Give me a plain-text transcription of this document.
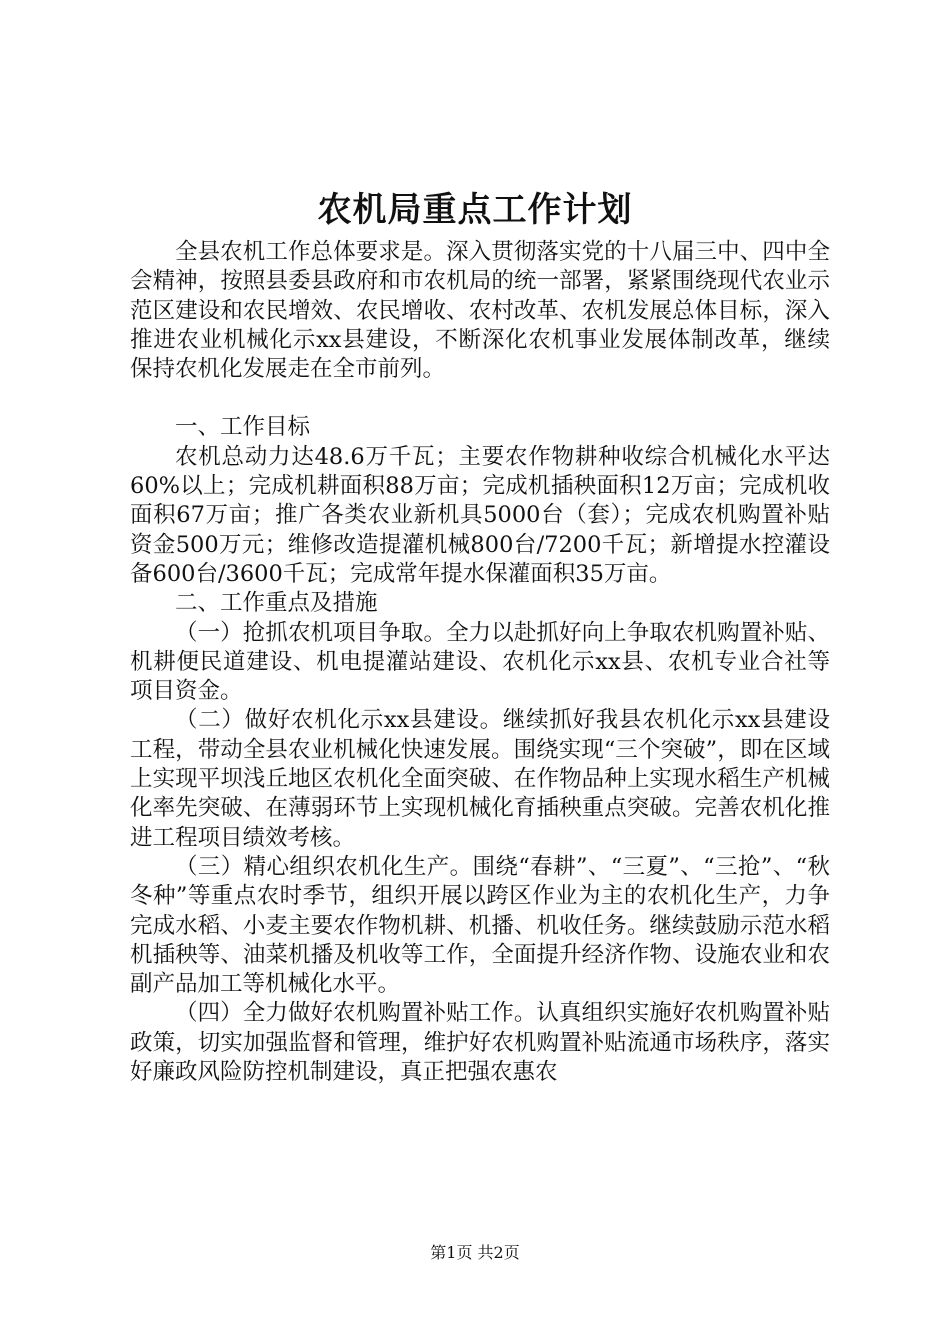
农机局重点工作计划

全县农机工作总体要求是。深入贯彻落实党的十八届三中、四中全会精神，按照县委县政府和市农机局的统一部署，紧紧围绕现代农业示范区建设和农民增效、农民增收、农村改革、农机发展总体目标，深入推进农业机械化示xx县建设，不断深化农机事业发展体制改革，继续保持农机化发展走在全市前列。

一、工作目标

农机总动力达48.6万千瓦；主要农作物耕种收综合机械化水平达60%以上；完成机耕面积88万亩；完成机插秧面积12万亩；完成机收面积67万亩；推广各类农业新机具5000台（套）；完成农机购置补贴资金500万元；维修改造提灌机械800台/7200千瓦；新增提水控灌设备600台/3600千瓦；完成常年提水保灌面积35万亩。

二、工作重点及措施

（一）抢抓农机项目争取。全力以赴抓好向上争取农机购置补贴、机耕便民道建设、机电提灌站建设、农机化示xx县、农机专业合社等项目资金。

（二）做好农机化示xx县建设。继续抓好我县农机化示xx县建设工程，带动全县农业机械化快速发展。围绕实现“三个突破”，即在区域上实现平坝浅丘地区农机化全面突破、在作物品种上实现水稻生产机械化率先突破、在薄弱环节上实现机械化育插秧重点突破。完善农机化推进工程项目绩效考核。

（三）精心组织农机化生产。围绕“春耕”、“三夏”、“三抢”、“秋冬种”等重点农时季节，组织开展以跨区作业为主的农机化生产，力争完成水稻、小麦主要农作物机耕、机播、机收任务。继续鼓励示范水稻机插秧等、油菜机播及机收等工作，全面提升经济作物、设施农业和农副产品加工等机械化水平。

（四）全力做好农机购置补贴工作。认真组织实施好农机购置补贴政策，切实加强监督和管理，维护好农机购置补贴流通市场秩序，落实好廉政风险防控机制建设，真正把强农惠农

第1页 共2页
